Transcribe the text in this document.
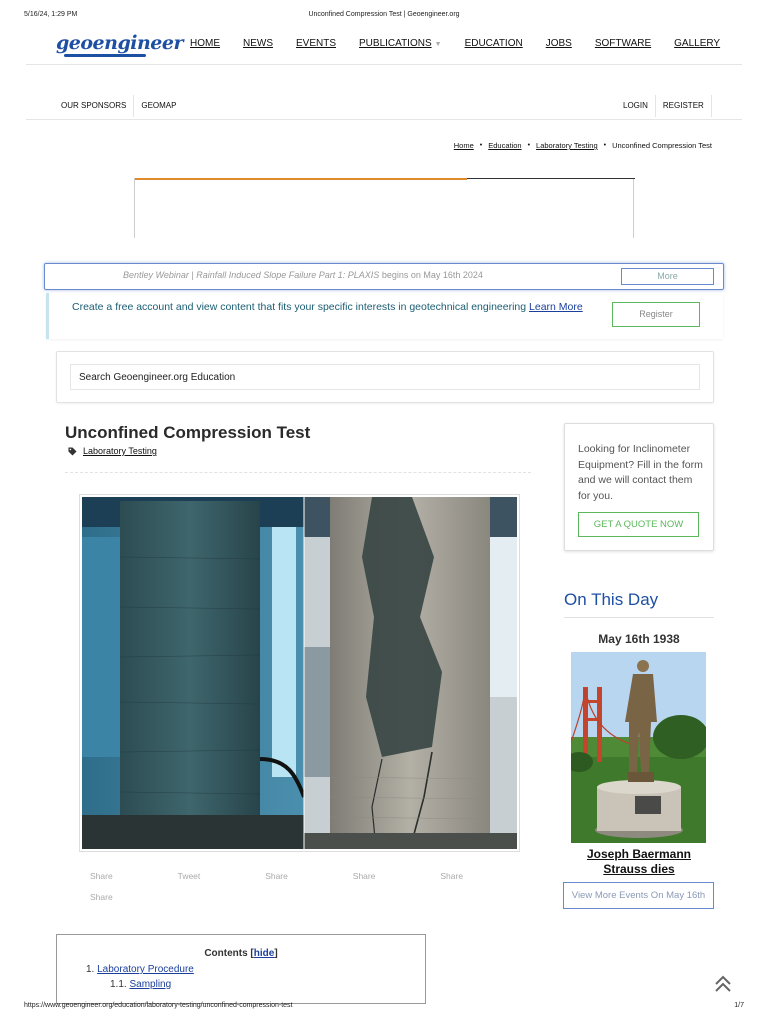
5/16/24, 1:29 PM	Unconfined Compression Test | Geoengineer.org
geoengineer HOME NEWS EVENTS PUBLICATIONS ▼ EDUCATION JOBS SOFTWARE GALLERY
OUR SPONSORS	GEOMAP	LOGIN	REGISTER
Home • Education • Laboratory Testing • Unconfined Compression Test
Bentley Webinar | Rainfall Induced Slope Failure Part 1: PLAXIS begins on May 16th 2024	More
Create a free account and view content that fits your specific interests in geotechnical engineering Learn More
Register
Search Geoengineer.org Education
Unconfined Compression Test
Laboratory Testing
Share	Tweet	Share	Share	Share
Share
Contents [hide]
1. Laboratory Procedure
1.1. Sampling
Looking for Inclinometer Equipment? Fill in the form and we will contact them for you.
GET A QUOTE NOW
On This Day
May 16th 1938
Joseph Baermann Strauss dies
View More Events On May 16th
https://www.geoengineer.org/education/laboratory-testing/unconfined-compression-test	1/7
